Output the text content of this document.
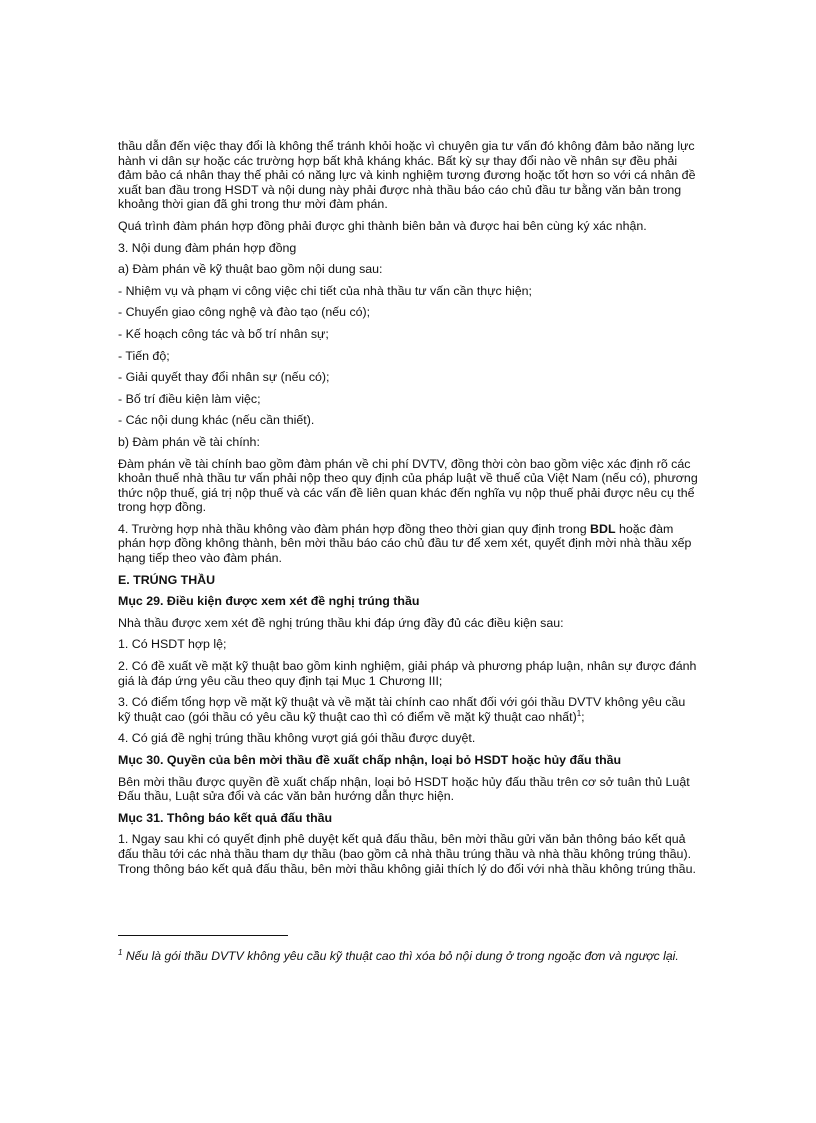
thầu dẫn đến việc thay đổi là không thể tránh khỏi hoặc vì chuyên gia tư vấn đó không đảm bảo năng lực hành vi dân sự hoặc các trường hợp bất khả kháng khác. Bất kỳ sự thay đổi nào về nhân sự đều phải đảm bảo cá nhân thay thế phải có năng lực và kinh nghiệm tương đương hoặc tốt hơn so với cá nhân đề xuất ban đầu trong HSDT và nội dung này phải được nhà thầu báo cáo chủ đầu tư bằng văn bản trong khoảng thời gian đã ghi trong thư mời đàm phán.

Quá trình đàm phán hợp đồng phải được ghi thành biên bản và được hai bên cùng ký xác nhận.

3. Nội dung đàm phán hợp đồng

a) Đàm phán về kỹ thuật bao gồm nội dung sau:

- Nhiệm vụ và phạm vi công việc chi tiết của nhà thầu tư vấn cần thực hiện;

- Chuyển giao công nghệ và đào tạo (nếu có);

- Kế hoạch công tác và bố trí nhân sự;

- Tiến độ;

- Giải quyết thay đổi nhân sự (nếu có);

- Bố trí điều kiện làm việc;

- Các nội dung khác (nếu cần thiết).

b) Đàm phán về tài chính:

Đàm phán về tài chính bao gồm đàm phán về chi phí DVTV, đồng thời còn bao gồm việc xác định rõ các khoản thuế nhà thầu tư vấn phải nộp theo quy định của pháp luật về thuế của Việt Nam (nếu có), phương thức nộp thuế, giá trị nộp thuế và các vấn đề liên quan khác đến nghĩa vụ nộp thuế phải được nêu cụ thể trong hợp đồng.

4. Trường hợp nhà thầu không vào đàm phán hợp đồng theo thời gian quy định trong BDL hoặc đàm phán hợp đồng không thành, bên mời thầu báo cáo chủ đầu tư để xem xét, quyết định mời nhà thầu xếp hạng tiếp theo vào đàm phán.

E. TRÚNG THẦU
Mục 29. Điều kiện được xem xét đề nghị trúng thầu

Nhà thầu được xem xét đề nghị trúng thầu khi đáp ứng đầy đủ các điều kiện sau:

1. Có HSDT hợp lệ;

2. Có đề xuất về mặt kỹ thuật bao gồm kinh nghiệm, giải pháp và phương pháp luận, nhân sự được đánh giá là đáp ứng yêu cầu theo quy định tại Mục 1 Chương III;

3. Có điểm tổng hợp về mặt kỹ thuật và về mặt tài chính cao nhất đối với gói thầu DVTV không yêu cầu kỹ thuật cao (gói thầu có yêu cầu kỹ thuật cao thì có điểm về mặt kỹ thuật cao nhất)$^1$;

4. Có giá đề nghị trúng thầu không vượt giá gói thầu được duyệt.

Mục 30. Quyền của bên mời thầu đề xuất chấp nhận, loại bỏ HSDT hoặc hủy đấu thầu

Bên mời thầu được quyền đề xuất chấp nhận, loại bỏ HSDT hoặc hủy đấu thầu trên cơ sở tuân thủ Luật Đấu thầu, Luật sửa đổi và các văn bản hướng dẫn thực hiện.

Mục 31. Thông báo kết quả đấu thầu

1. Ngay sau khi có quyết định phê duyệt kết quả đấu thầu, bên mời thầu gửi văn bản thông báo kết quả đấu thầu tới các nhà thầu tham dự thầu (bao gồm cả nhà thầu trúng thầu và nhà thầu không trúng thầu). Trong thông báo kết quả đấu thầu, bên mời thầu không giải thích lý do đối với nhà thầu không trúng thầu.

$^1$ Nếu là gói thầu DVTV không yêu cầu kỹ thuật cao thì xóa bỏ nội dung ở trong ngoặc đơn và ngược lại.
